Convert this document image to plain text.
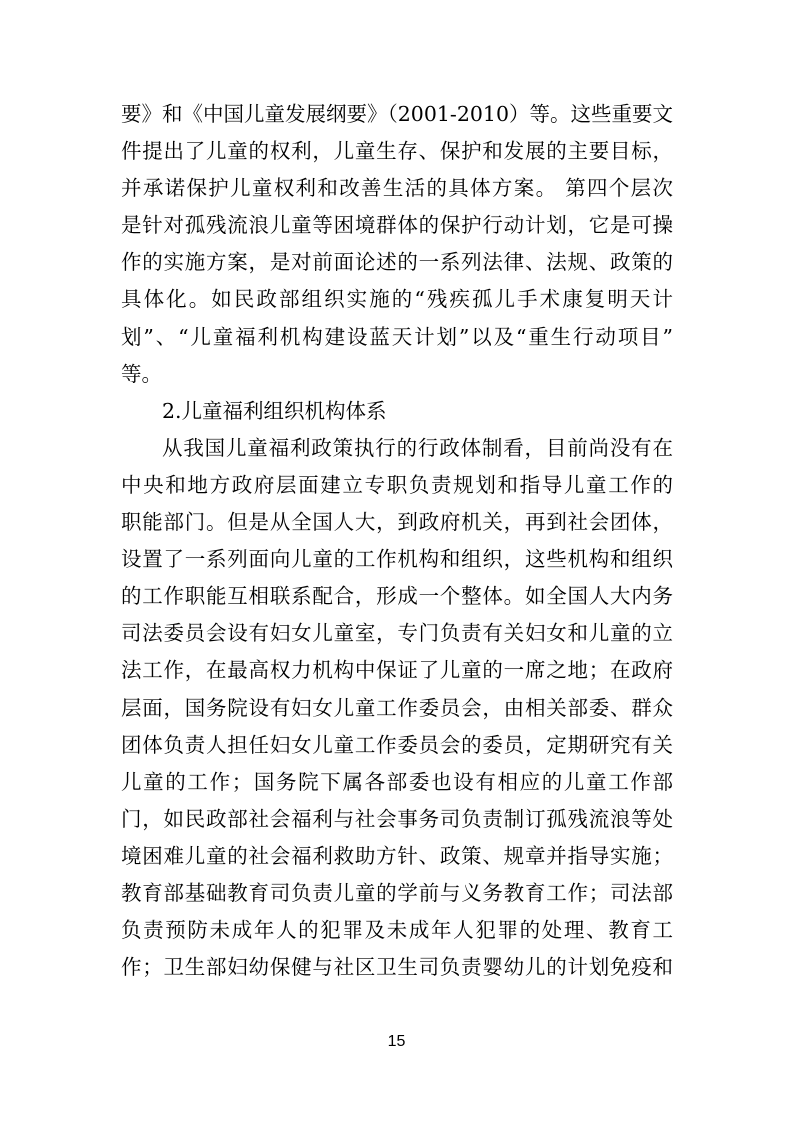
要》和《中国儿童发展纲要》（2001-2010）等。这些重要文
件提出了儿童的权利，儿童生存、保护和发展的主要目标，
并承诺保护儿童权利和改善生活的具体方案。 第四个层次
是针对孤残流浪儿童等困境群体的保护行动计划，它是可操
作的实施方案，是对前面论述的一系列法律、法规、政策的
具体化。如民政部组织实施的“残疾孤儿手术康复明天计
划”、“儿童福利机构建设蓝天计划”以及“重生行动项目”
等。
2.儿童福利组织机构体系
从我国儿童福利政策执行的行政体制看，目前尚没有在
中央和地方政府层面建立专职负责规划和指导儿童工作的
职能部门。但是从全国人大，到政府机关，再到社会团体，
设置了一系列面向儿童的工作机构和组织，这些机构和组织
的工作职能互相联系配合，形成一个整体。如全国人大内务
司法委员会设有妇女儿童室，专门负责有关妇女和儿童的立
法工作，在最高权力机构中保证了儿童的一席之地；在政府
层面，国务院设有妇女儿童工作委员会，由相关部委、群众
团体负责人担任妇女儿童工作委员会的委员，定期研究有关
儿童的工作；国务院下属各部委也设有相应的儿童工作部
门，如民政部社会福利与社会事务司负责制订孤残流浪等处
境困难儿童的社会福利救助方针、政策、规章并指导实施；
教育部基础教育司负责儿童的学前与义务教育工作；司法部
负责预防未成年人的犯罪及未成年人犯罪的处理、教育工
作；卫生部妇幼保健与社区卫生司负责婴幼儿的计划免疫和
15
